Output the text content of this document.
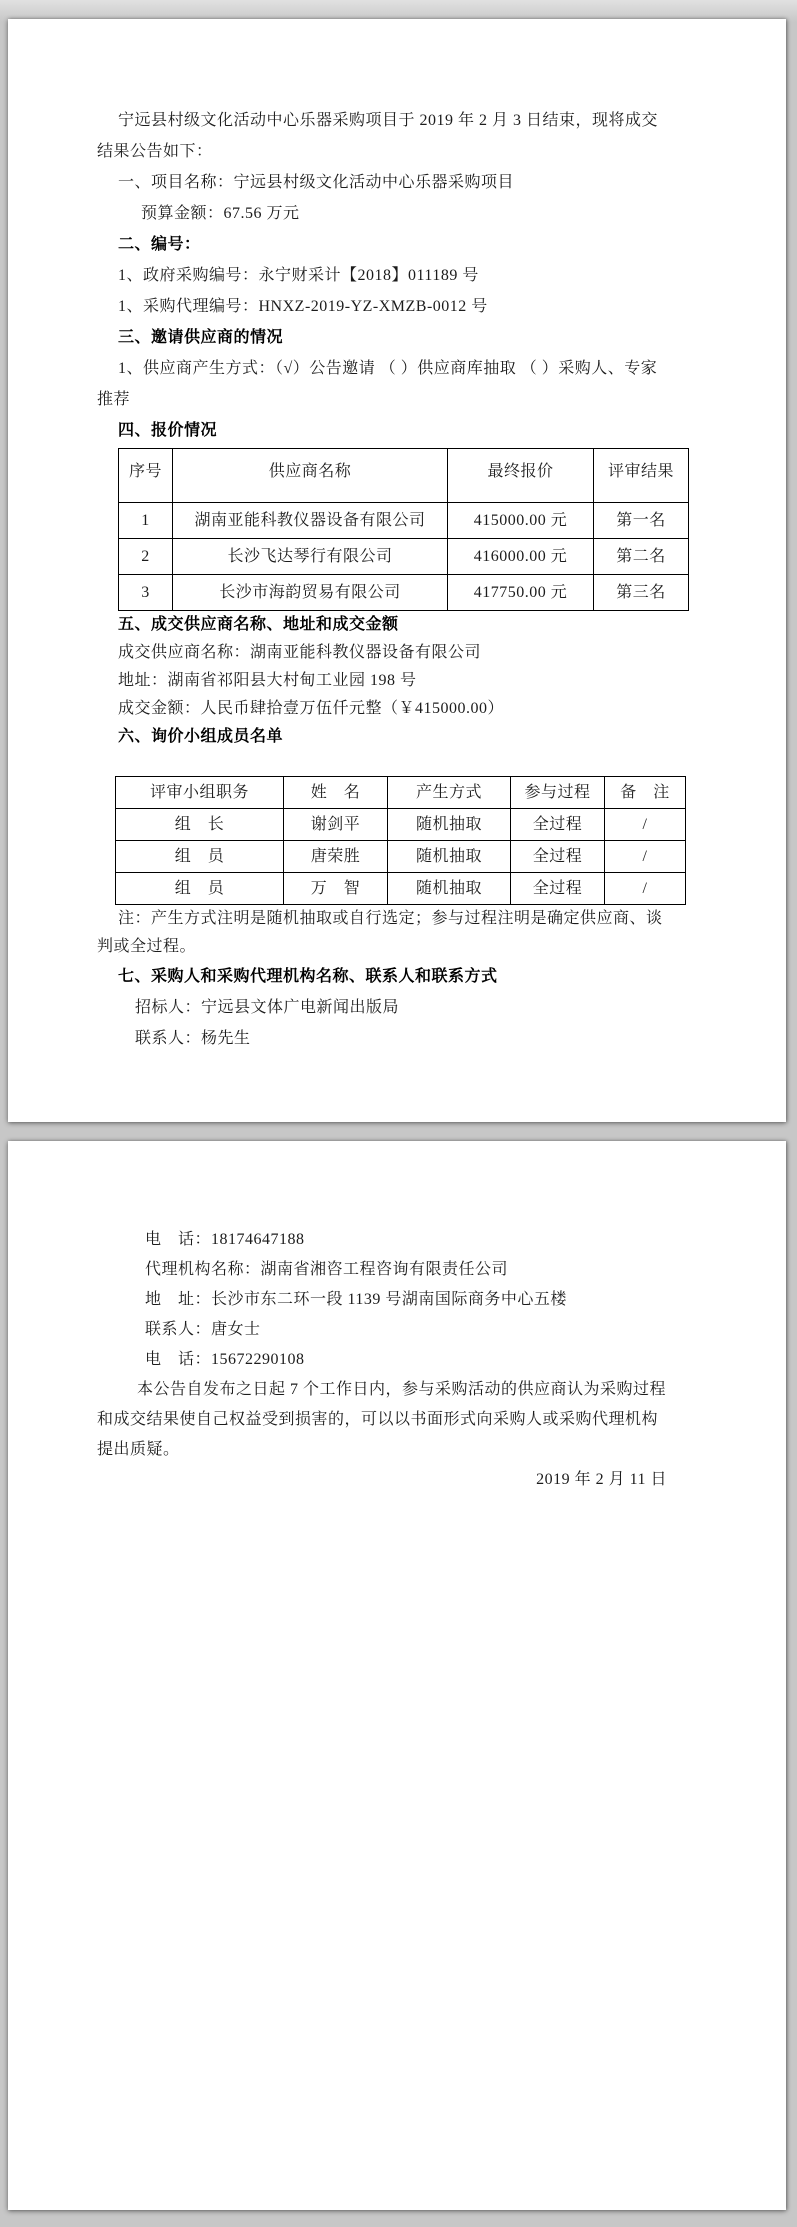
宁远县村级文化活动中心乐器采购项目于 2019 年 2 月 3 日结束，现将成交结果公告如下：

一、项目名称：宁远县村级文化活动中心乐器采购项目

预算金额：67.56 万元

二、编号：

1、政府采购编号：永宁财采计【2018】011189 号

1、采购代理编号：HNXZ-2019-YZ-XMZB-0012 号

三、邀请供应商的情况

1、供应商产生方式：（√）公告邀请 （ ）供应商库抽取 （ ）采购人、专家推荐

四、报价情况

序号	供应商名称	最终报价	评审结果
1	湖南亚能科教仪器设备有限公司	415000.00 元	第一名
2	长沙飞达琴行有限公司	416000.00 元	第二名
3	长沙市海韵贸易有限公司	417750.00 元	第三名

五、成交供应商名称、地址和成交金额

成交供应商名称：湖南亚能科教仪器设备有限公司

地址：湖南省祁阳县大村甸工业园 198 号

成交金额：人民币肆拾壹万伍仟元整（￥415000.00）

六、询价小组成员名单

评审小组职务	姓　名	产生方式	参与过程	备　注
组　长	谢剑平	随机抽取	全过程	/
组　员	唐荣胜	随机抽取	全过程	/
组　员	万　智	随机抽取	全过程	/

注：产生方式注明是随机抽取或自行选定；参与过程注明是确定供应商、谈判或全过程。

七、采购人和采购代理机构名称、联系人和联系方式

招标人：宁远县文体广电新闻出版局

联系人：杨先生

电　话：18174647188

代理机构名称：湖南省湘咨工程咨询有限责任公司

地　址：长沙市东二环一段 1139 号湖南国际商务中心五楼

联系人：唐女士

电　话：15672290108

本公告自发布之日起 7 个工作日内，参与采购活动的供应商认为采购过程和成交结果使自己权益受到损害的，可以以书面形式向采购人或采购代理机构提出质疑。

2019 年 2 月 11 日
